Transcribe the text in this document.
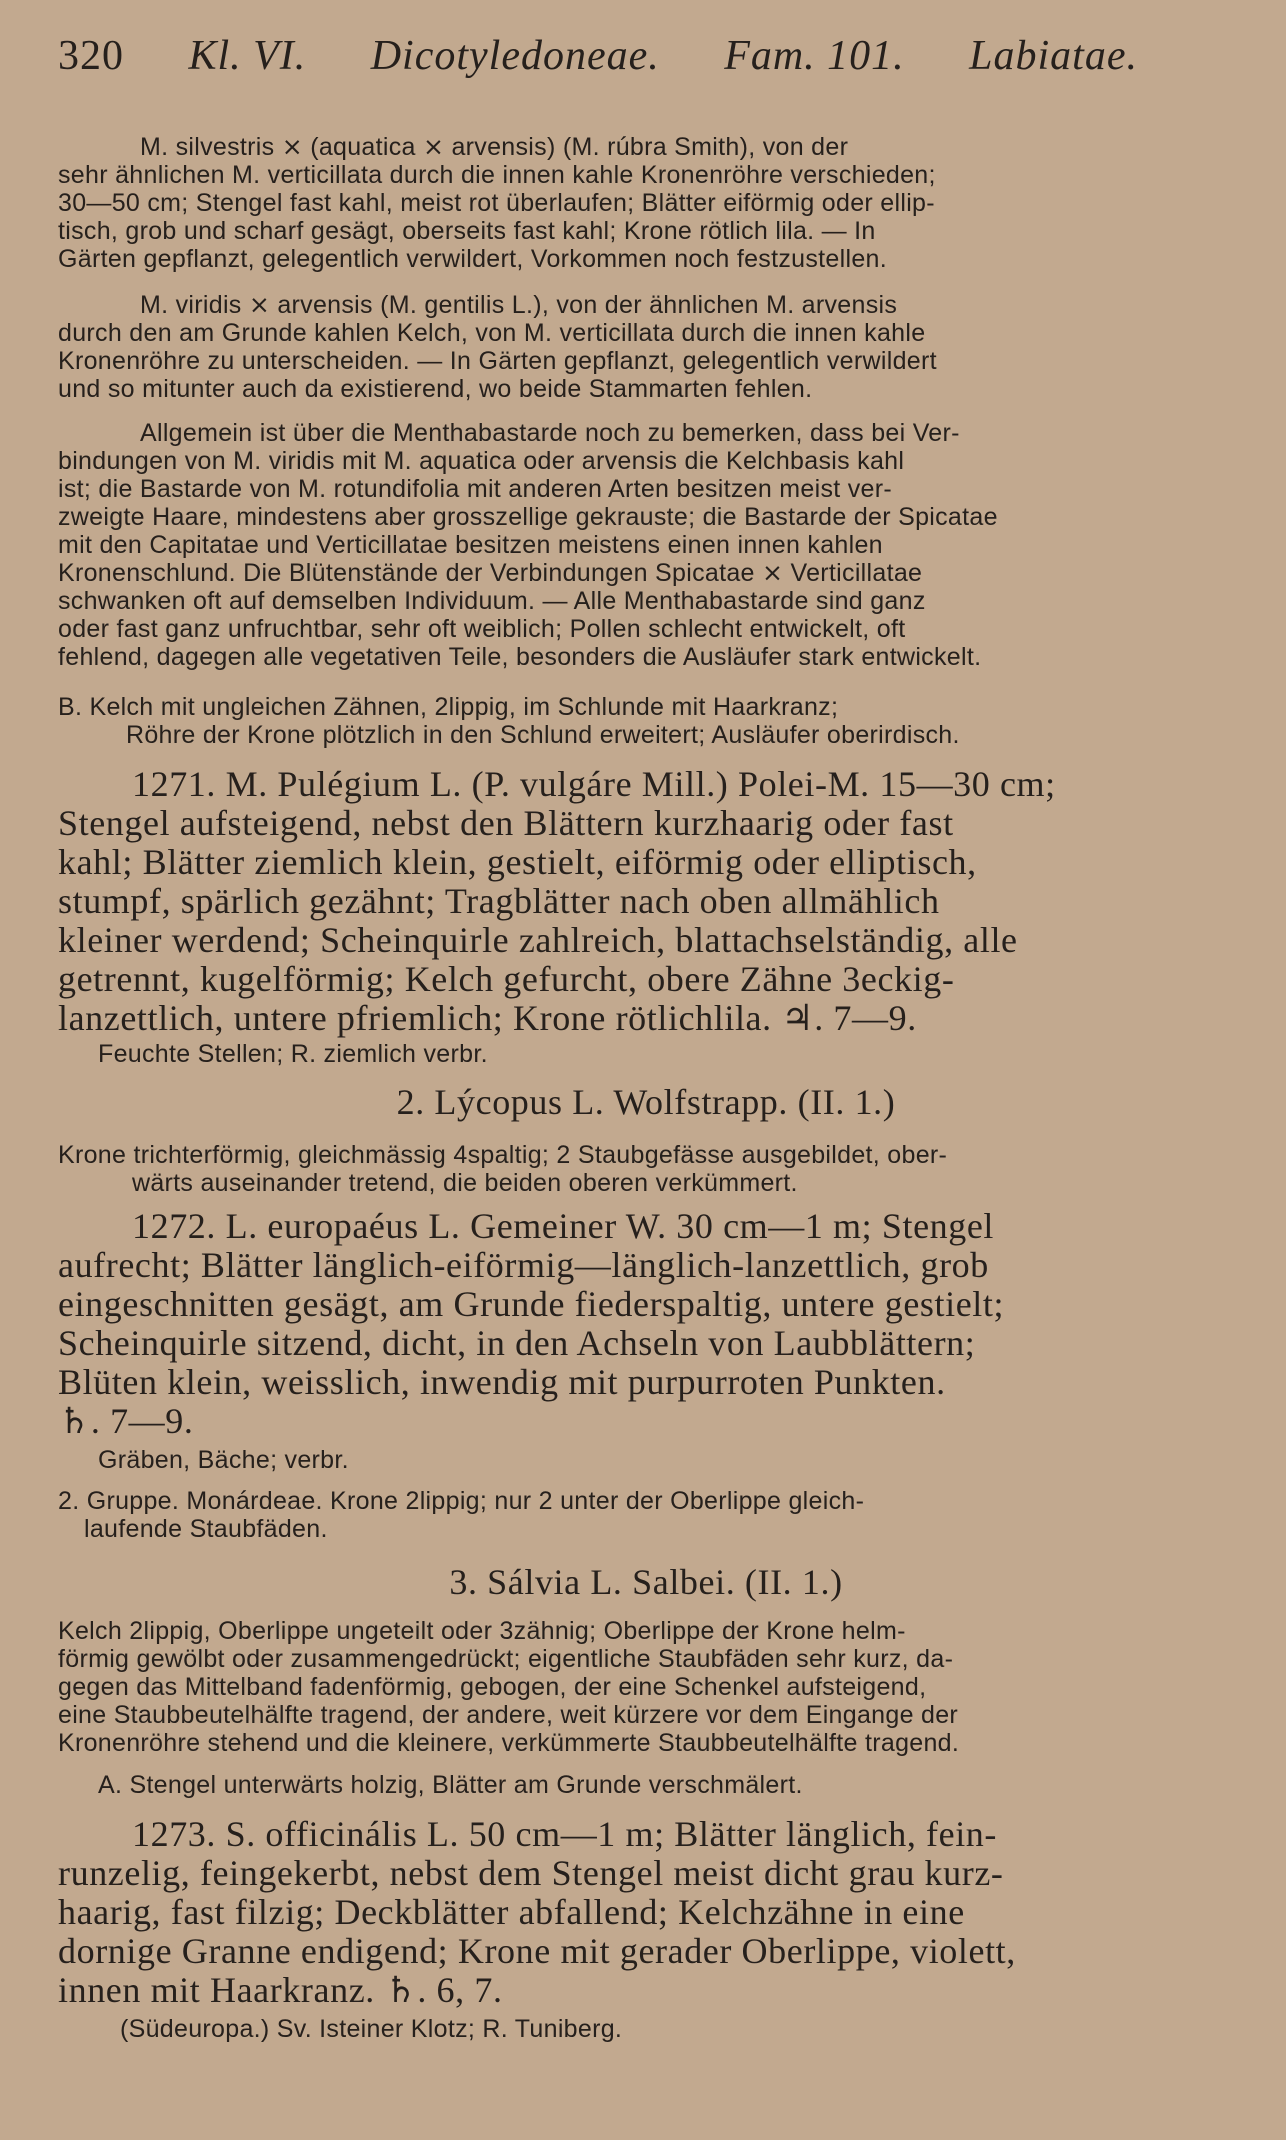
320 Kl. VI. Dicotyledoneae. Fam. 101. Labiatae.
M. silvestris ⨯ (aquatica ⨯ arvensis) (M. rúbra Smith), von der
sehr ähnlichen M. verticillata durch die innen kahle Kronenröhre verschieden;
30—50 cm; Stengel fast kahl, meist rot überlaufen; Blätter eiförmig oder ellip-
tisch, grob und scharf gesägt, oberseits fast kahl; Krone rötlich lila. — In
Gärten gepflanzt, gelegentlich verwildert, Vorkommen noch festzustellen.
M. viridis ⨯ arvensis (M. gentilis L.), von der ähnlichen M. arvensis
durch den am Grunde kahlen Kelch, von M. verticillata durch die innen kahle
Kronenröhre zu unterscheiden. — In Gärten gepflanzt, gelegentlich verwildert
und so mitunter auch da existierend, wo beide Stammarten fehlen.
Allgemein ist über die Menthabastarde noch zu bemerken, dass bei Ver-
bindungen von M. viridis mit M. aquatica oder arvensis die Kelchbasis kahl
ist; die Bastarde von M. rotundifolia mit anderen Arten besitzen meist ver-
zweigte Haare, mindestens aber grosszellige gekrauste; die Bastarde der Spicatae
mit den Capitatae und Verticillatae besitzen meistens einen innen kahlen
Kronenschlund. Die Blütenstände der Verbindungen Spicatae ⨯ Verticillatae
schwanken oft auf demselben Individuum. — Alle Menthabastarde sind ganz
oder fast ganz unfruchtbar, sehr oft weiblich; Pollen schlecht entwickelt, oft
fehlend, dagegen alle vegetativen Teile, besonders die Ausläufer stark entwickelt.
B. Kelch mit ungleichen Zähnen, 2lippig, im Schlunde mit Haarkranz;
Röhre der Krone plötzlich in den Schlund erweitert; Ausläufer oberirdisch.
1271. M. Pulégium L. (P. vulgáre Mill.) Polei-M. 15—30 cm;
Stengel aufsteigend, nebst den Blättern kurzhaarig oder fast
kahl; Blätter ziemlich klein, gestielt, eiförmig oder elliptisch,
stumpf, spärlich gezähnt; Tragblätter nach oben allmählich
kleiner werdend; Scheinquirle zahlreich, blattachselständig, alle
getrennt, kugelförmig; Kelch gefurcht, obere Zähne 3eckig-
lanzettlich, untere pfriemlich; Krone rötlichlila. ♃. 7—9.
Feuchte Stellen; R. ziemlich verbr.
2. Lýcopus L. Wolfstrapp. (II. 1.)
Krone trichterförmig, gleichmässig 4spaltig; 2 Staubgefässe ausgebildet, ober-
wärts auseinander tretend, die beiden oberen verkümmert.
1272. L. europaéus L. Gemeiner W. 30 cm—1 m; Stengel
aufrecht; Blätter länglich-eiförmig—länglich-lanzettlich, grob
eingeschnitten gesägt, am Grunde fiederspaltig, untere gestielt;
Scheinquirle sitzend, dicht, in den Achseln von Laubblättern;
Blüten klein, weisslich, inwendig mit purpurroten Punkten.
♄. 7—9.
Gräben, Bäche; verbr.
2. Gruppe. Monárdeae. Krone 2lippig; nur 2 unter der Oberlippe gleich-
laufende Staubfäden.
3. Sálvia L. Salbei. (II. 1.)
Kelch 2lippig, Oberlippe ungeteilt oder 3zähnig; Oberlippe der Krone helm-
förmig gewölbt oder zusammengedrückt; eigentliche Staubfäden sehr kurz, da-
gegen das Mittelband fadenförmig, gebogen, der eine Schenkel aufsteigend,
eine Staubbeutelhälfte tragend, der andere, weit kürzere vor dem Eingange der
Kronenröhre stehend und die kleinere, verkümmerte Staubbeutelhälfte tragend.
A. Stengel unterwärts holzig, Blätter am Grunde verschmälert.
1273. S. officinális L. 50 cm—1 m; Blätter länglich, fein-
runzelig, feingekerbt, nebst dem Stengel meist dicht grau kurz-
haarig, fast filzig; Deckblätter abfallend; Kelchzähne in eine
dornige Granne endigend; Krone mit gerader Oberlippe, violett,
innen mit Haarkranz. ♄. 6, 7.
(Südeuropa.) Sv. Isteiner Klotz; R. Tuniberg.
